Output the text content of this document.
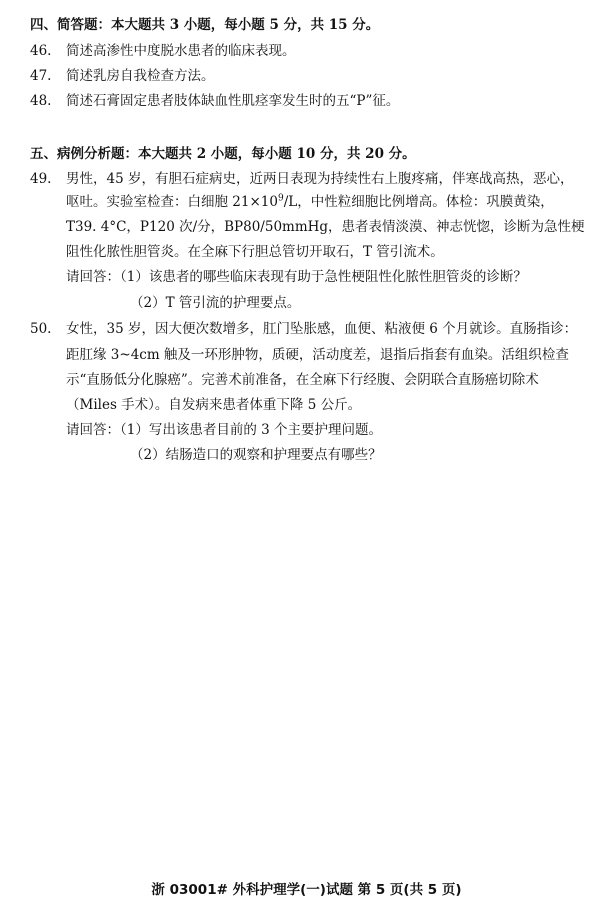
四、简答题：本大题共 3 小题，每小题 5 分，共 15 分。
46. 简述高渗性中度脱水患者的临床表现。
47. 简述乳房自我检查方法。
48. 简述石膏固定患者肢体缺血性肌痉挛发生时的五“P”征。
五、病例分析题：本大题共 2 小题，每小题 10 分，共 20 分。
49. 男性，45 岁，有胆石症病史，近两日表现为持续性右上腹疼痛，伴寒战高热，恶心，
呕吐。实验室检查：白细胞 $21\times 10^9/L$，中性粒细胞比例增高。体检：巩膜黄染，
T39. 4°C，P120 次/分，BP80/50mmHg，患者表情淡漠、神志恍惚，诊断为急性梗
阻性化脓性胆管炎。在全麻下行胆总管切开取石，T 管引流术。
请回答：（1）该患者的哪些临床表现有助于急性梗阻性化脓性胆管炎的诊断？
（2）T 管引流的护理要点。
50. 女性，35 岁，因大便次数增多，肛门坠胀感，血便、粘液便 6 个月就诊。直肠指诊：
距肛缘 3~4cm 触及一环形肿物，质硬，活动度差，退指后指套有血染。活组织检查
示“直肠低分化腺癌”。完善术前准备，在全麻下行经腹、会阴联合直肠癌切除术
（Miles 手术）。自发病来患者体重下降 5 公斤。
请回答：（1）写出该患者目前的 3 个主要护理问题。
（2）结肠造口的观察和护理要点有哪些？
浙 03001# 外科护理学(一)试题 第 5 页(共 5 页)
